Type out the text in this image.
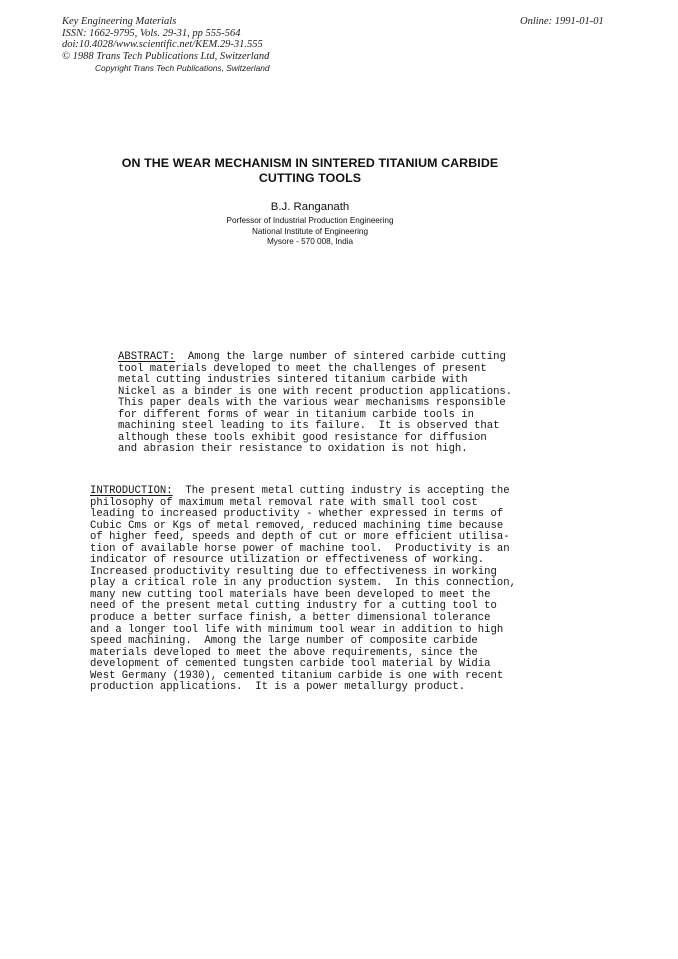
Key Engineering Materials
ISSN: 1662-9795, Vols. 29-31, pp 555-564
doi:10.4028/www.scientific.net/KEM.29-31.555
© 1988 Trans Tech Publications Ltd, Switzerland
Online: 1991-01-01
Copyright Trans Tech Publications, Switzerland
ON THE WEAR MECHANISM IN SINTERED TITANIUM CARBIDE
CUTTING TOOLS
B.J. Ranganath
Porfessor of Industrial Production Engineering
National Institute of Engineering
Mysore - 570 008, India
ABSTRACT:  Among the large number of sintered carbide cutting
tool materials developed to meet the challenges of present
metal cutting industries sintered titanium carbide with
Nickel as a binder is one with recent production applications.
This paper deals with the various wear mechanisms responsible
for different forms of wear in titanium carbide tools in
machining steel leading to its failure.  It is observed that
although these tools exhibit good resistance for diffusion
and abrasion their resistance to oxidation is not high.
INTRODUCTION:  The present metal cutting industry is accepting the
philosophy of maximum metal removal rate with small tool cost
leading to increased productivity - whether expressed in terms of
Cubic Cms or Kgs of metal removed, reduced machining time because
of higher feed, speeds and depth of cut or more efficient utilisa-
tion of available horse power of machine tool.  Productivity is an
indicator of resource utilization or effectiveness of working.
Increased productivity resulting due to effectiveness in working
play a critical role in any production system.  In this connection,
many new cutting tool materials have been developed to meet the
need of the present metal cutting industry for a cutting tool to
produce a better surface finish, a better dimensional tolerance
and a longer tool life with minimum tool wear in addition to high
speed machining.  Among the large number of composite carbide
materials developed to meet the above requirements, since the
development of cemented tungsten carbide tool material by Widia
West Germany (1930), cemented titanium carbide is one with recent
production applications.  It is a power metallurgy product.
